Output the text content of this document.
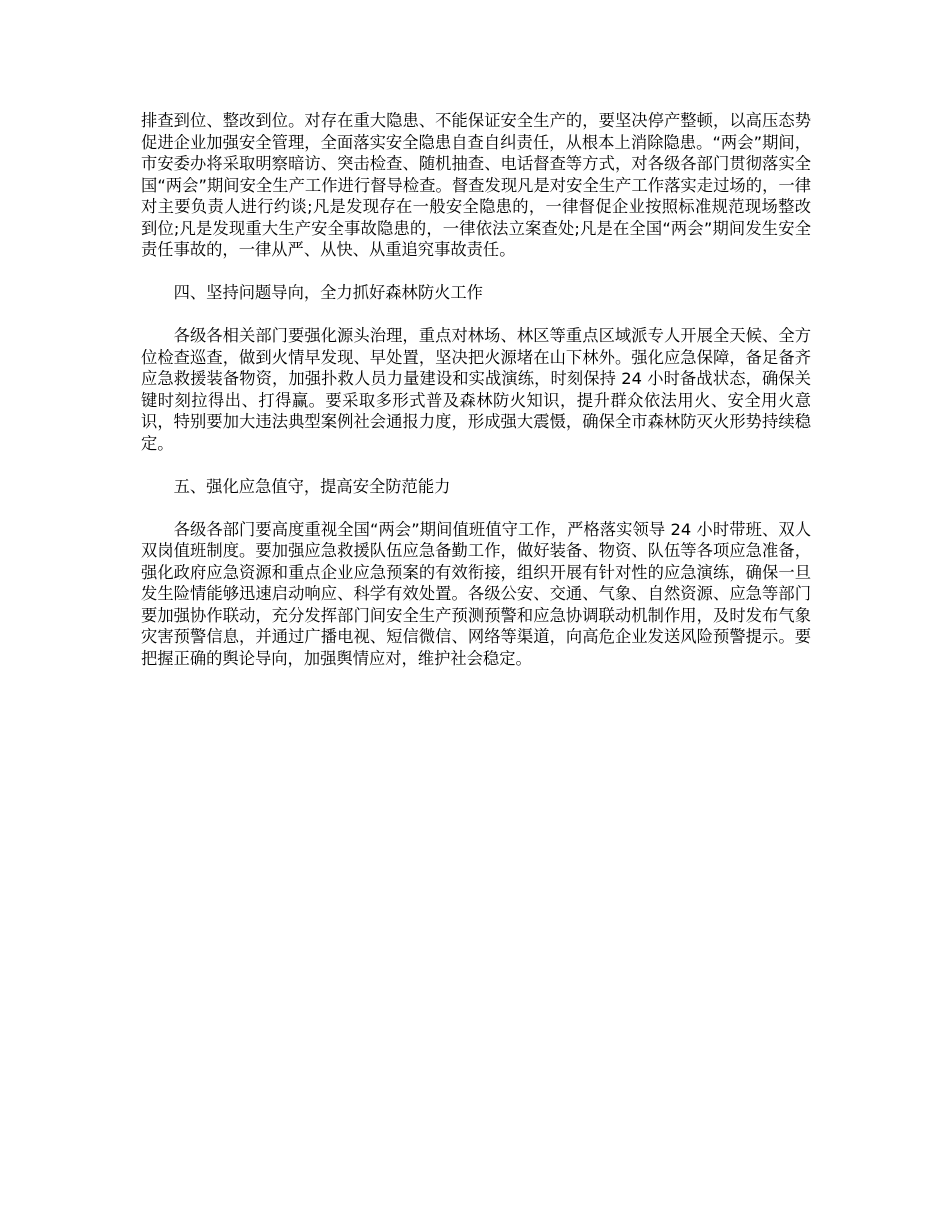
排查到位、整改到位。对存在重大隐患、不能保证安全生产的，要坚决停产整顿，以高压态势促进企业加强安全管理，全面落实安全隐患自查自纠责任，从根本上消除隐患。“两会”期间，市安委办将采取明察暗访、突击检查、随机抽查、电话督查等方式，对各级各部门贯彻落实全国“两会”期间安全生产工作进行督导检查。督查发现凡是对安全生产工作落实走过场的，一律对主要负责人进行约谈;凡是发现存在一般安全隐患的，一律督促企业按照标准规范现场整改到位;凡是发现重大生产安全事故隐患的，一律依法立案查处;凡是在全国“两会”期间发生安全责任事故的，一律从严、从快、从重追究事故责任。

四、坚持问题导向，全力抓好森林防火工作

各级各相关部门要强化源头治理，重点对林场、林区等重点区域派专人开展全天候、全方位检查巡查，做到火情早发现、早处置，坚决把火源堵在山下林外。强化应急保障，备足备齐应急救援装备物资，加强扑救人员力量建设和实战演练，时刻保持 24 小时备战状态，确保关键时刻拉得出、打得赢。要采取多形式普及森林防火知识，提升群众依法用火、安全用火意识，特别要加大违法典型案例社会通报力度，形成强大震慑，确保全市森林防灭火形势持续稳定。

五、强化应急值守，提高安全防范能力

各级各部门要高度重视全国“两会”期间值班值守工作，严格落实领导 24 小时带班、双人双岗值班制度。要加强应急救援队伍应急备勤工作，做好装备、物资、队伍等各项应急准备，强化政府应急资源和重点企业应急预案的有效衔接，组织开展有针对性的应急演练，确保一旦发生险情能够迅速启动响应、科学有效处置。各级公安、交通、气象、自然资源、应急等部门要加强协作联动，充分发挥部门间安全生产预测预警和应急协调联动机制作用，及时发布气象灾害预警信息，并通过广播电视、短信微信、网络等渠道，向高危企业发送风险预警提示。要把握正确的舆论导向，加强舆情应对，维护社会稳定。
